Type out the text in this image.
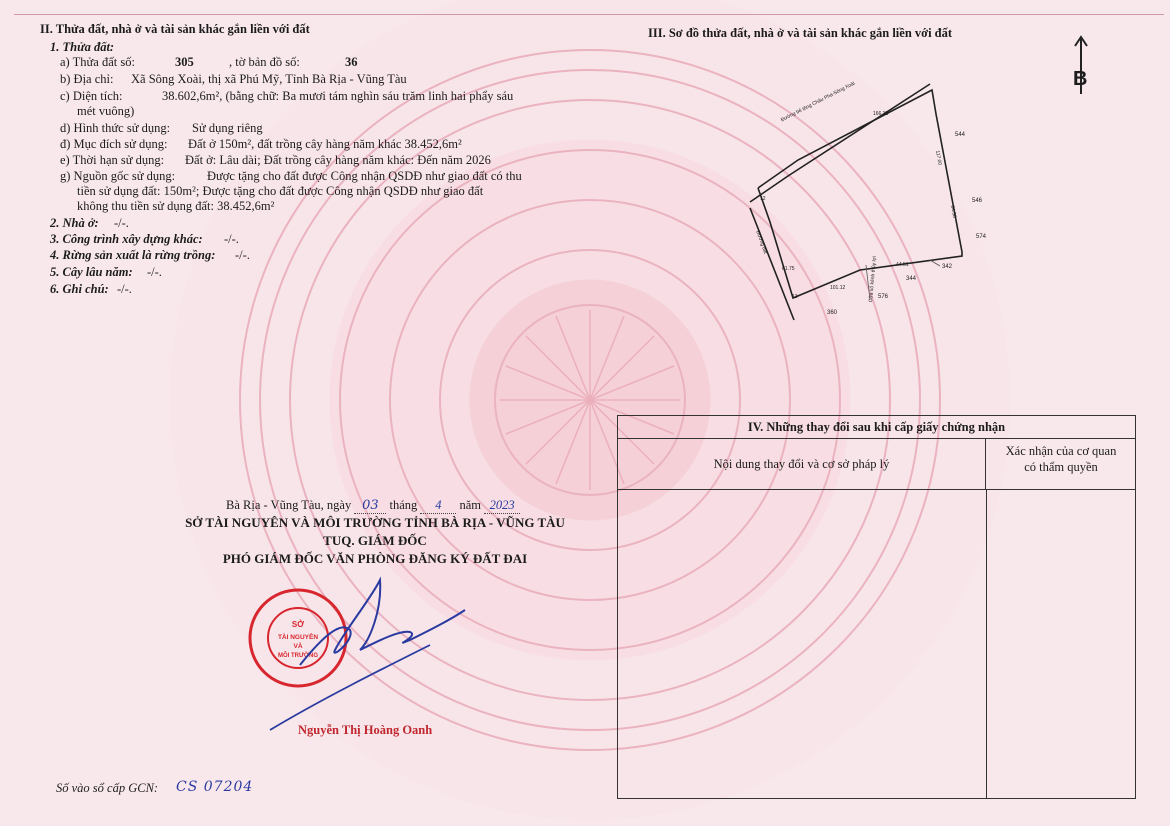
II. Thửa đất, nhà ở và tài sản khác gắn liền với đất
1. Thửa đất:
a) Thửa đất số:	305	, tờ bản đồ số:	36
b) Địa chỉ: Xã Sông Xoài, thị xã Phú Mỹ, Tỉnh Bà Rịa - Vũng Tàu
c) Diện tích:	38.602,6m², (bằng chữ: Ba mươi tám nghìn sáu trăm linh hai phẩy sáu
mét vuông)
d) Hình thức sử dụng: Sử dụng riêng
đ) Mục đích sử dụng: Đất ở 150m², đất trồng cây hàng năm khác 38.452,6m²
e) Thời hạn sử dụng: Đất ở: Lâu dài; Đất trồng cây hàng năm khác: Đến năm 2026
g) Nguồn gốc sử dụng:	Được tặng cho đất được Công nhận QSDĐ như giao đất có thu
tiền sử dụng đất: 150m²; Được tặng cho đất được Công nhận QSDĐ như giao đất
không thu tiền sử dụng đất: 38.452,6m²
2. Nhà ở: -/-.
3. Công trình xây dựng khác: -/-.
4. Rừng sản xuất là rừng trồng: -/-.
5. Cây lâu năm: -/-.
6. Ghi chú: -/-.
III. Sơ đồ thửa đất, nhà ở và tài sản khác gắn liền với đất
B
Đường bê tông Châu Pha-Sông Xoài
Đường đất
Cửa số kênh thủy lợi
544
546
574
342
344
360
576
166.38
117.00
84.58
44.51
101.12
61.75
13
12
IV. Những thay đổi sau khi cấp giấy chứng nhận
Nội dung thay đổi và cơ sở pháp lý
Xác nhận của cơ quan
có thẩm quyền
Bà Rịa - Vũng Tàu, ngày 03 tháng 4 năm 2023
SỞ TÀI NGUYÊN VÀ MÔI TRƯỜNG TỈNH BÀ RỊA - VŨNG TÀU
TUQ. GIÁM ĐỐC
PHÓ GIÁM ĐỐC VĂN PHÒNG ĐĂNG KÝ ĐẤT ĐAI
SỞ
TÀI NGUYÊN
VÀ
MÔI TRƯỜNG
Nguyễn Thị Hoàng Oanh
Số vào sổ cấp GCN: CS 07204
